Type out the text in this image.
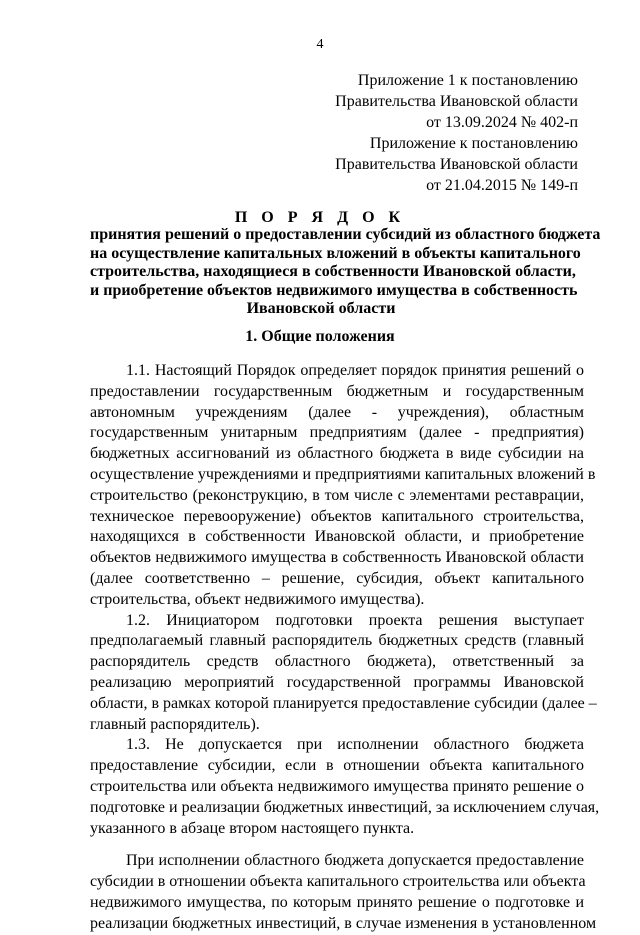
4
Приложение 1 к постановлению
Правительства Ивановской области
от 13.09.2024 № 402-п
Приложение к постановлению
Правительства Ивановской области
от 21.04.2015 № 149-п
П О Р Я Д О К
принятия решений о предоставлении субсидий из областного бюджета
на осуществление капитальных вложений в объекты капитального
строительства, находящиеся в собственности Ивановской области,
и приобретение объектов недвижимого имущества в собственность
Ивановской области
1. Общие положения
1.1. Настоящий Порядок определяет порядок принятия решений о
предоставлении государственным бюджетным и государственным
автономным учреждениям (далее - учреждения), областным
государственным унитарным предприятиям (далее - предприятия)
бюджетных ассигнований из областного бюджета в виде субсидии на
осуществление учреждениями и предприятиями капитальных вложений в
строительство (реконструкцию, в том числе с элементами реставрации,
техническое перевооружение) объектов капитального строительства,
находящихся в собственности Ивановской области, и приобретение
объектов недвижимого имущества в собственность Ивановской области
(далее соответственно – решение, субсидия, объект капитального
строительства, объект недвижимого имущества).
1.2. Инициатором подготовки проекта решения выступает
предполагаемый главный распорядитель бюджетных средств (главный
распорядитель средств областного бюджета), ответственный за
реализацию мероприятий государственной программы Ивановской
области, в рамках которой планируется предоставление субсидии (далее –
главный распорядитель).
1.3. Не допускается при исполнении областного бюджета
предоставление субсидии, если в отношении объекта капитального
строительства или объекта недвижимого имущества принято решение о
подготовке и реализации бюджетных инвестиций, за исключением случая,
указанного в абзаце втором настоящего пункта.
При исполнении областного бюджета допускается предоставление
субсидии в отношении объекта капитального строительства или объекта
недвижимого имущества, по которым принято решение о подготовке и
реализации бюджетных инвестиций, в случае изменения в установленном
